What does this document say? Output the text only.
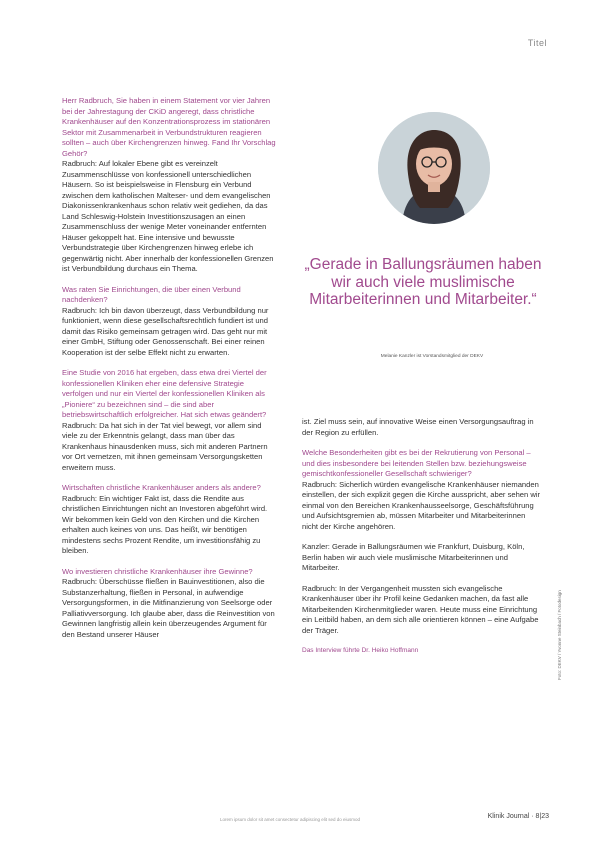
Titel

Herr Radbruch, Sie haben in einem Statement vor vier Jahren bei der Jahrestagung der CKiD angeregt, dass christliche Krankenhäuser auf den Konzentrationsprozess im stationären Sektor mit Zusammenarbeit in Verbundstrukturen reagieren sollten – auch über Kirchengrenzen hinweg. Fand Ihr Vorschlag Gehör?

Radbruch: Auf lokaler Ebene gibt es vereinzelt Zusammenschlüsse von konfessionell unterschiedlichen Häusern. So ist beispielsweise in Flensburg ein Verbund zwischen dem katholischen Malteser- und dem evangelischen Diakonissenkrankenhaus schon relativ weit gediehen, da das Land Schleswig-Holstein Investitionszusagen an einen Zusammenschluss der wenige Meter voneinander entfernten Häuser gekoppelt hat. Eine intensive und bewusste Verbundstrategie über Kirchengrenzen hinweg erlebe ich gegenwärtig nicht. Aber innerhalb der konfessionellen Grenzen ist Verbundbildung durchaus ein Thema.

Was raten Sie Einrichtungen, die über einen Verbund nachdenken?

Radbruch: Ich bin davon überzeugt, dass Verbundbildung nur funktioniert, wenn diese gesellschaftsrechtlich fundiert ist und damit das Risiko gemeinsam getragen wird. Das geht nur mit einer GmbH, Stiftung oder Genossenschaft. Bei einer reinen Kooperation ist der selbe Effekt nicht zu erwarten.

Eine Studie von 2016 hat ergeben, dass etwa drei Viertel der konfessionellen Kliniken eher eine defensive Strategie verfolgen und nur ein Viertel der konfessionellen Kliniken als „Pioniere“ zu bezeichnen sind – die sind aber betriebswirtschaftlich erfolgreicher. Hat sich etwas geändert?

Radbruch: Da hat sich in der Tat viel bewegt, vor allem sind viele zu der Erkenntnis gelangt, dass man über das Krankenhaus hinausdenken muss, sich mit anderen Partnern vor Ort vernetzen, mit ihnen gemeinsam Versorgungsketten erweitern muss.

Wirtschaften christliche Krankenhäuser anders als andere?

Radbruch: Ein wichtiger Fakt ist, dass die Rendite aus christlichen Einrichtungen nicht an Investoren abgeführt wird. Wir bekommen kein Geld von den Kirchen und die Kirchen erhalten auch keines von uns. Das heißt, wir benötigen mindestens sechs Prozent Rendite, um investitionsfähig zu bleiben.

Wo investieren christliche Krankenhäuser ihre Gewinne?

Radbruch: Überschüsse fließen in Bauinvestitionen, also die Substanzerhaltung, fließen in Personal, in aufwendige Versorgungsformen, in die Mitfinanzierung von Seelsorge oder Palliativversorgung. Ich glaube aber, dass die Reinvestition von Gewinnen langfristig allein kein überzeugendes Argument für den Bestand unserer Häuser

„Gerade in Ballungsräumen haben wir auch viele muslimische Mitarbeiterinnen und Mitarbeiter.“
Melanie Kanzler ist Vorstandsmitglied der DEKV

ist. Ziel muss sein, auf innovative Weise einen Versorgungsauftrag in der Region zu erfüllen.

Welche Besonderheiten gibt es bei der Rekrutierung von Personal – und dies insbesondere bei leitenden Stellen bzw. beziehungsweise gemischtkonfessioneller Gesellschaft schwieriger?

Radbruch: Sicherlich würden evangelische Krankenhäuser niemanden einstellen, der sich explizit gegen die Kirche ausspricht, aber sehen wir einmal von den Bereichen Krankenhausseelsorge, Geschäftsführung und Aufsichtsgremien ab, müssen Mitarbeiter und Mitarbeiterinnen nicht der Kirche angehören.

Kanzler: Gerade in Ballungsräumen wie Frankfurt, Duisburg, Köln, Berlin haben wir auch viele muslimische Mitarbeiterinnen und Mitarbeiter.

Radbruch: In der Vergangenheit mussten sich evangelische Krankenhäuser über ihr Profil keine Gedanken machen, da fast alle Mitarbeitenden Kirchenmitglieder waren. Heute muss eine Einrichtung ein Leitbild haben, an dem sich alle orientieren können – eine Aufgabe der Träger.

Das Interview führte Dr. Heiko Hoffmann	Foto: DEKV / Yvonne Steinbach / Fotodesign
Lorem ipsum dolor sit amet consectetur adipiscing elit sed do eiusmod	Klinik Journal · 8|23
